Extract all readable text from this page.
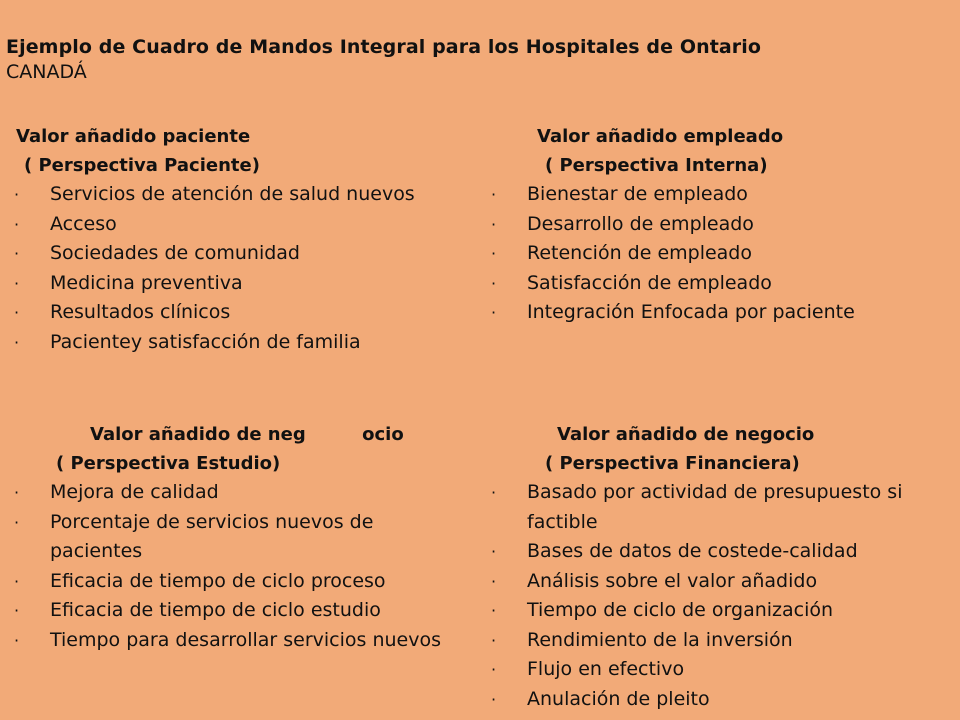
Ejemplo de Cuadro de Mandos Integral para los Hospitales de Ontario
CANADÁ
Valor añadido paciente
( Perspectiva Paciente)
· Servicios de atención de salud nuevos
· Acceso
· Sociedades de comunidad
· Medicina preventiva
· Resultados clínicos
· Pacientey satisfacción de familia
Valor añadido empleado
( Perspectiva Interna)
· Bienestar de empleado
· Desarrollo de empleado
· Retención de empleado
· Satisfacción de empleado
· Integración Enfocada por paciente
Valor añadido de neg         ocio
( Perspectiva Estudio)
· Mejora de calidad
· Porcentaje de servicios nuevos de pacientes
· Eficacia de tiempo de ciclo proceso
· Eficacia de tiempo de ciclo estudio
· Tiempo para desarrollar servicios nuevos
Valor añadido de negocio
( Perspectiva Financiera)
· Basado por actividad de presupuesto si factible
· Bases de datos de costede-calidad
· Análisis sobre el valor añadido
· Tiempo de ciclo de organización
· Rendimiento de la inversión
· Flujo en efectivo
· Anulación de pleito
